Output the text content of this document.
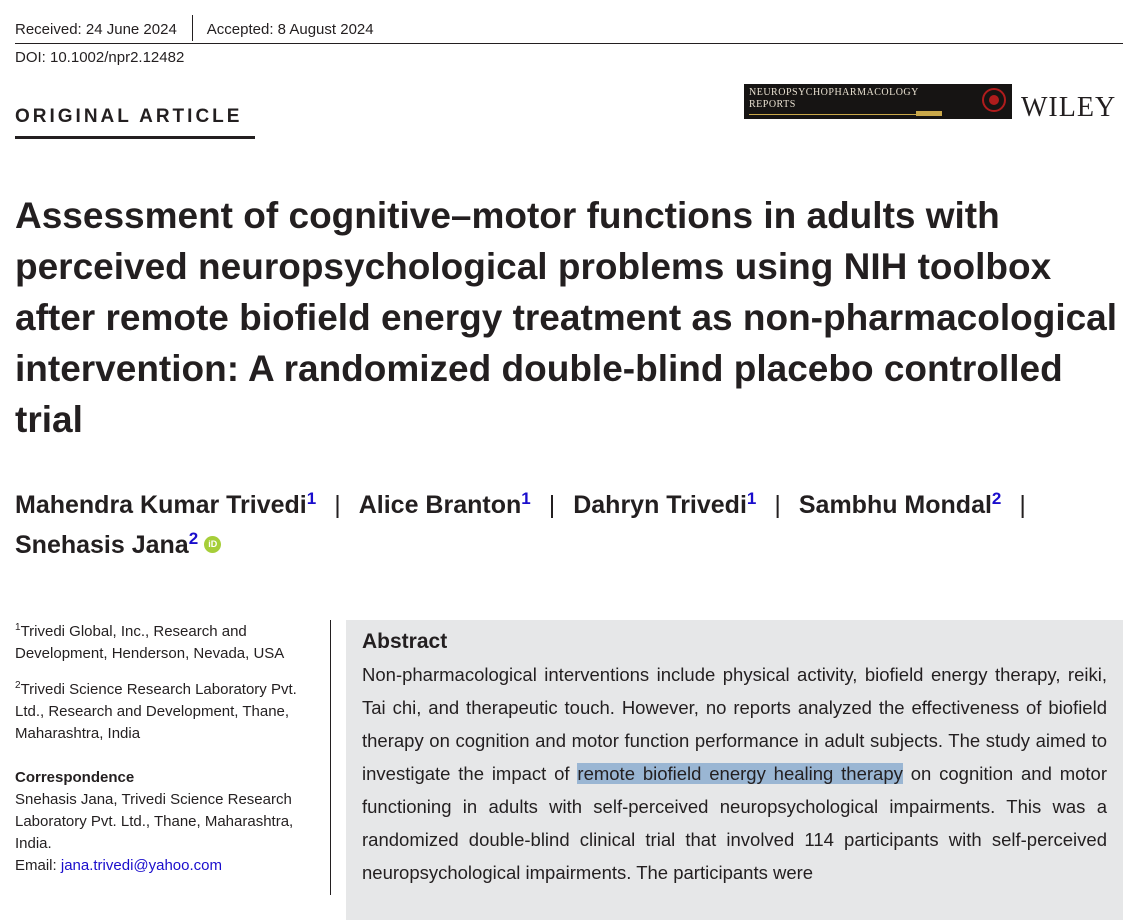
Received: 24 June 2024 Accepted: 8 August 2024
DOI: 10.1002/npr2.12482
ORIGINAL ARTICLE
NEUROPSYCHOPHARMACOLOGY
REPORTS	WILEY
Assessment of cognitive–motor functions in adults with perceived neuropsychological problems using NIH toolbox after remote biofield energy treatment as non-pharmacological intervention: A randomized double-blind placebo controlled trial
Mahendra Kumar Trivedi$^1$ | Alice Branton$^1$ | Dahryn Trivedi$^1$ | Sambhu Mondal$^2$ |
Snehasis Jana$^2$ iD

$^1$Trivedi Global, Inc., Research and Development, Henderson, Nevada, USA

$^2$Trivedi Science Research Laboratory Pvt. Ltd., Research and Development, Thane, Maharashtra, India

Correspondence
Snehasis Jana, Trivedi Science Research Laboratory Pvt. Ltd., Thane, Maharashtra, India.
Email: jana.trivedi@yahoo.com

Abstract
Non-pharmacological interventions include physical activity, biofield energy therapy, reiki, Tai chi, and therapeutic touch. However, no reports analyzed the effectiveness of biofield therapy on cognition and motor function performance in adult subjects. The study aimed to investigate the impact of remote biofield energy healing therapy on cognition and motor functioning in adults with self-perceived neuropsychological impairments. This was a randomized double-blind clinical trial that involved 114 participants with self-perceived neuropsychological impairments. The participants were
